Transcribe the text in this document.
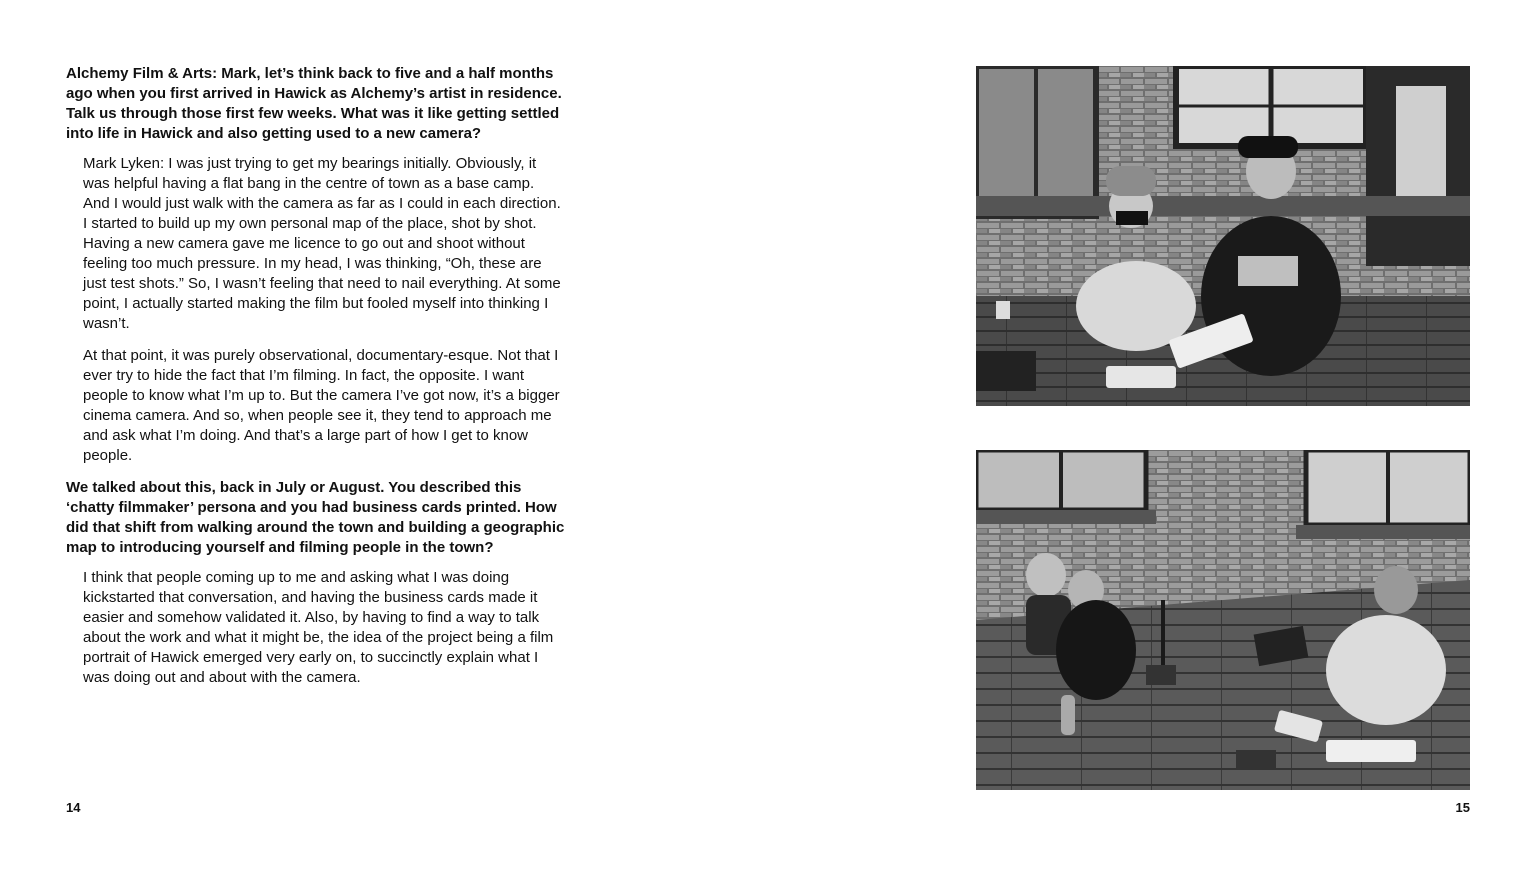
Alchemy Film & Arts: Mark, let’s think back to five and a half months ago when you first arrived in Hawick as Alchemy’s artist in residence. Talk us through those first few weeks. What was it like getting settled into life in Hawick and also getting used to a new camera?

Mark Lyken: I was just trying to get my bearings initially. Obviously, it was helpful having a flat bang in the centre of town as a base camp. And I would just walk with the camera as far as I could in each direction. I started to build up my own personal map of the place, shot by shot. Having a new camera gave me licence to go out and shoot without feeling too much pressure. In my head, I was thinking, “Oh, these are just test shots.” So, I wasn’t feeling that need to nail everything. At some point, I actually started making the film but fooled myself into thinking I wasn’t.

At that point, it was purely observational, documentary-esque. Not that I ever try to hide the fact that I’m filming. In fact, the opposite. I want people to know what I’m up to. But the camera I’ve got now, it’s a bigger cinema camera. And so, when people see it, they tend to approach me and ask what I’m doing. And that’s a large part of how I get to know people.

We talked about this, back in July or August. You described this ‘chatty filmmaker’ persona and you had business cards printed. How did that shift from walking around the town and building a geographic map to introducing yourself and filming people in the town?

I think that people coming up to me and asking what I was doing kickstarted that conversation, and having the business cards made it easier and somehow validated it. Also, by having to find a way to talk about the work and what it might be, the idea of the project being a film portrait of Hawick emerged very early on, to succinctly explain what I was doing out and about with the camera.

14	15
